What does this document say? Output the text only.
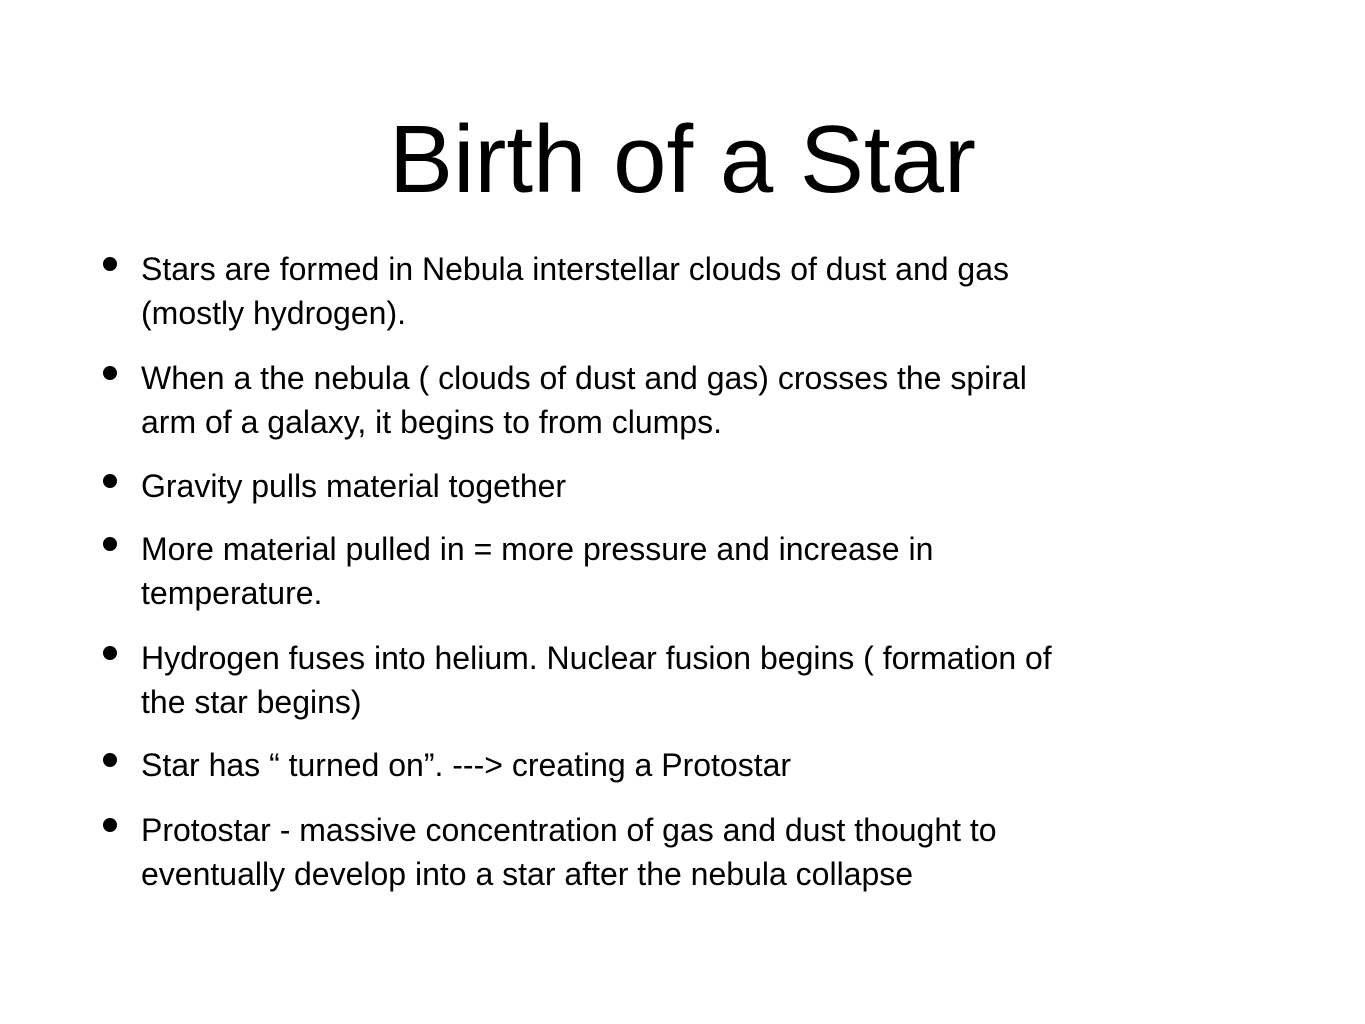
Birth of a Star
Stars are formed in Nebula interstellar clouds of dust and gas
(mostly hydrogen).
When a the nebula ( clouds of dust and gas) crosses the spiral
arm of a galaxy, it begins to from clumps.
Gravity pulls material together
More material pulled in = more pressure and increase in
temperature.
Hydrogen fuses into helium. Nuclear fusion begins ( formation of
the star begins)
Star has “ turned on”. ---> creating a Protostar
Protostar - massive concentration of gas and dust thought to
eventually develop into a star after the nebula collapse
